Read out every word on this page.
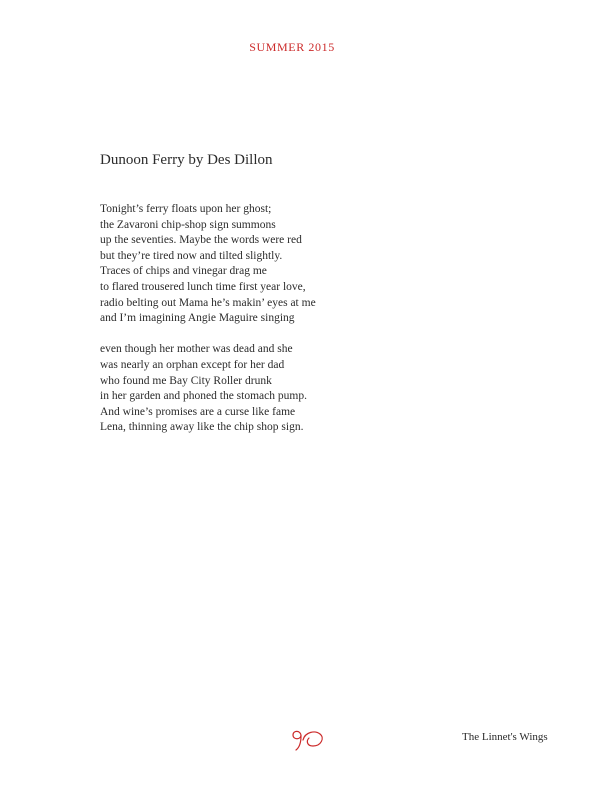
SUMMER 2015
Dunoon Ferry by Des Dillon
Tonight’s ferry floats upon her ghost;
the Zavaroni chip-shop sign summons
up the seventies. Maybe the words were red
but they’re tired now and tilted slightly.
Traces of chips and vinegar drag me
to flared trousered lunch time first year love,
radio belting out Mama he’s makin’ eyes at me
and I’m imagining Angie Maguire singing
even though her mother was dead and she
was nearly an orphan except for her dad
who found me Bay City Roller drunk
in her garden and phoned the stomach pump.
And wine’s promises are a curse like fame
Lena, thinning away like the chip shop sign.
The Linnet's Wings
